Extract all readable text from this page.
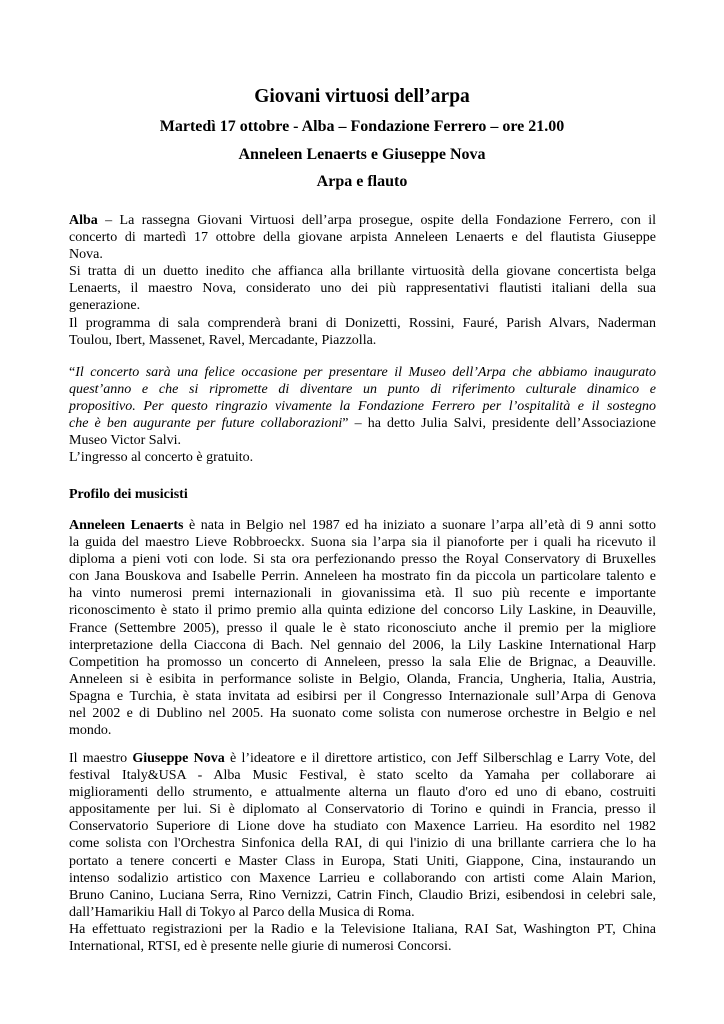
Giovani virtuosi dell’arpa
Martedì 17 ottobre - Alba – Fondazione Ferrero – ore 21.00
Anneleen Lenaerts e Giuseppe Nova
Arpa e flauto
Alba – La rassegna Giovani Virtuosi dell’arpa prosegue, ospite della Fondazione Ferrero, con il
concerto di martedì 17 ottobre della giovane arpista Anneleen Lenaerts e del flautista Giuseppe
Nova.
Si tratta di un duetto inedito che affianca alla brillante virtuosità della giovane concertista belga
Lenaerts, il maestro Nova, considerato uno dei più rappresentativi flautisti italiani della sua
generazione.
Il programma di sala comprenderà brani di Donizetti, Rossini, Fauré, Parish Alvars, Naderman
Toulou, Ibert, Massenet, Ravel, Mercadante, Piazzolla.
“Il concerto sarà una felice occasione per presentare il Museo dell’Arpa che abbiamo inaugurato
quest’anno e che si ripromette di diventare un punto di riferimento culturale dinamico e
propositivo. Per questo ringrazio vivamente la Fondazione Ferrero per l’ospitalità e il sostegno
che è ben augurante per future collaborazioni” – ha detto Julia Salvi, presidente dell’Associazione
Museo Victor Salvi.
L’ingresso al concerto è gratuito.
Profilo dei musicisti
Anneleen Lenaerts è nata in Belgio nel 1987 ed ha iniziato a suonare l’arpa all’età di 9 anni sotto
la guida del maestro Lieve Robbroeckx. Suona sia l’arpa sia il pianoforte per i quali ha ricevuto il
diploma a pieni voti con lode. Si sta ora perfezionando presso the Royal Conservatory di Bruxelles
con Jana Bouskova and Isabelle Perrin. Anneleen ha mostrato fin da piccola un particolare talento e
ha vinto numerosi premi internazionali in giovanissima età. Il suo più recente e importante
riconoscimento è stato il primo premio alla quinta edizione del concorso Lily Laskine, in Deauville,
France (Settembre 2005), presso il quale le è stato riconosciuto anche il premio per la migliore
interpretazione della Ciaccona di Bach. Nel gennaio del 2006, la Lily Laskine International Harp
Competition ha promosso un concerto di Anneleen, presso la sala Elie de Brignac, a Deauville.
Anneleen si è esibita in performance soliste in Belgio, Olanda, Francia, Ungheria, Italia, Austria,
Spagna e Turchia, è stata invitata ad esibirsi per il Congresso Internazionale sull’Arpa di Genova
nel 2002 e di Dublino nel 2005. Ha suonato come solista con numerose orchestre in Belgio e nel
mondo.
Il maestro Giuseppe Nova è l’ideatore e il direttore artistico, con Jeff Silberschlag e Larry Vote, del
festival Italy&USA - Alba Music Festival, è stato scelto da Yamaha per collaborare ai
miglioramenti dello strumento, e attualmente alterna un flauto d'oro ed uno di ebano, costruiti
appositamente per lui. Si è diplomato al Conservatorio di Torino e quindi in Francia, presso il
Conservatorio Superiore di Lione dove ha studiato con Maxence Larrieu. Ha esordito nel 1982
come solista con l'Orchestra Sinfonica della RAI, di qui l'inizio di una brillante carriera che lo ha
portato a tenere concerti e Master Class in Europa, Stati Uniti, Giappone, Cina, instaurando un
intenso sodalizio artistico con Maxence Larrieu e collaborando con artisti come Alain Marion,
Bruno Canino, Luciana Serra, Rino Vernizzi, Catrin Finch, Claudio Brizi, esibendosi in celebri sale,
dall’Hamarikiu Hall di Tokyo al Parco della Musica di Roma.
Ha effettuato registrazioni per la Radio e la Televisione Italiana, RAI Sat, Washington PT, China
International, RTSI, ed è presente nelle giurie di numerosi Concorsi.
